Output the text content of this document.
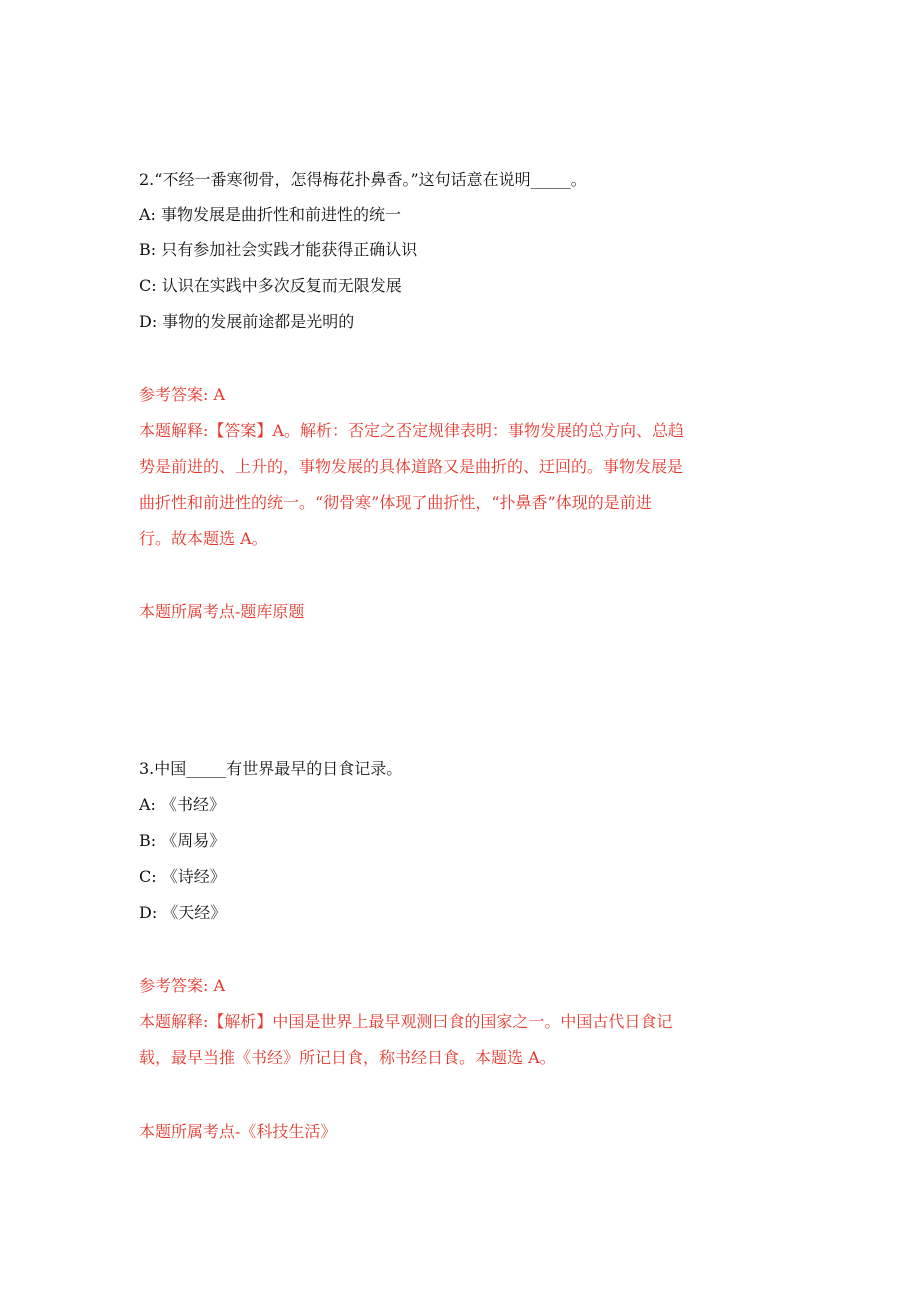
2.“不经一番寒彻骨，怎得梅花扑鼻香。”这句话意在说明_____。
A: 事物发展是曲折性和前进性的统一
B: 只有参加社会实践才能获得正确认识
C: 认识在实践中多次反复而无限发展
D: 事物的发展前途都是光明的
参考答案: A
本题解释:【答案】A。解析：否定之否定规律表明：事物发展的总方向、总趋
势是前进的、上升的，事物发展的具体道路又是曲折的、迂回的。事物发展是
曲折性和前进性的统一。“彻骨寒”体现了曲折性，“扑鼻香”体现的是前进
行。故本题选 A。
本题所属考点-题库原题
3.中国_____有世界最早的日食记录。
A: 《书经》
B: 《周易》
C: 《诗经》
D: 《天经》
参考答案: A
本题解释:【解析】中国是世界上最早观测曰食的国家之一。中国古代日食记
载，最早当推《书经》所记日食，称书经日食。本题选 A。
本题所属考点-《科技生活》
